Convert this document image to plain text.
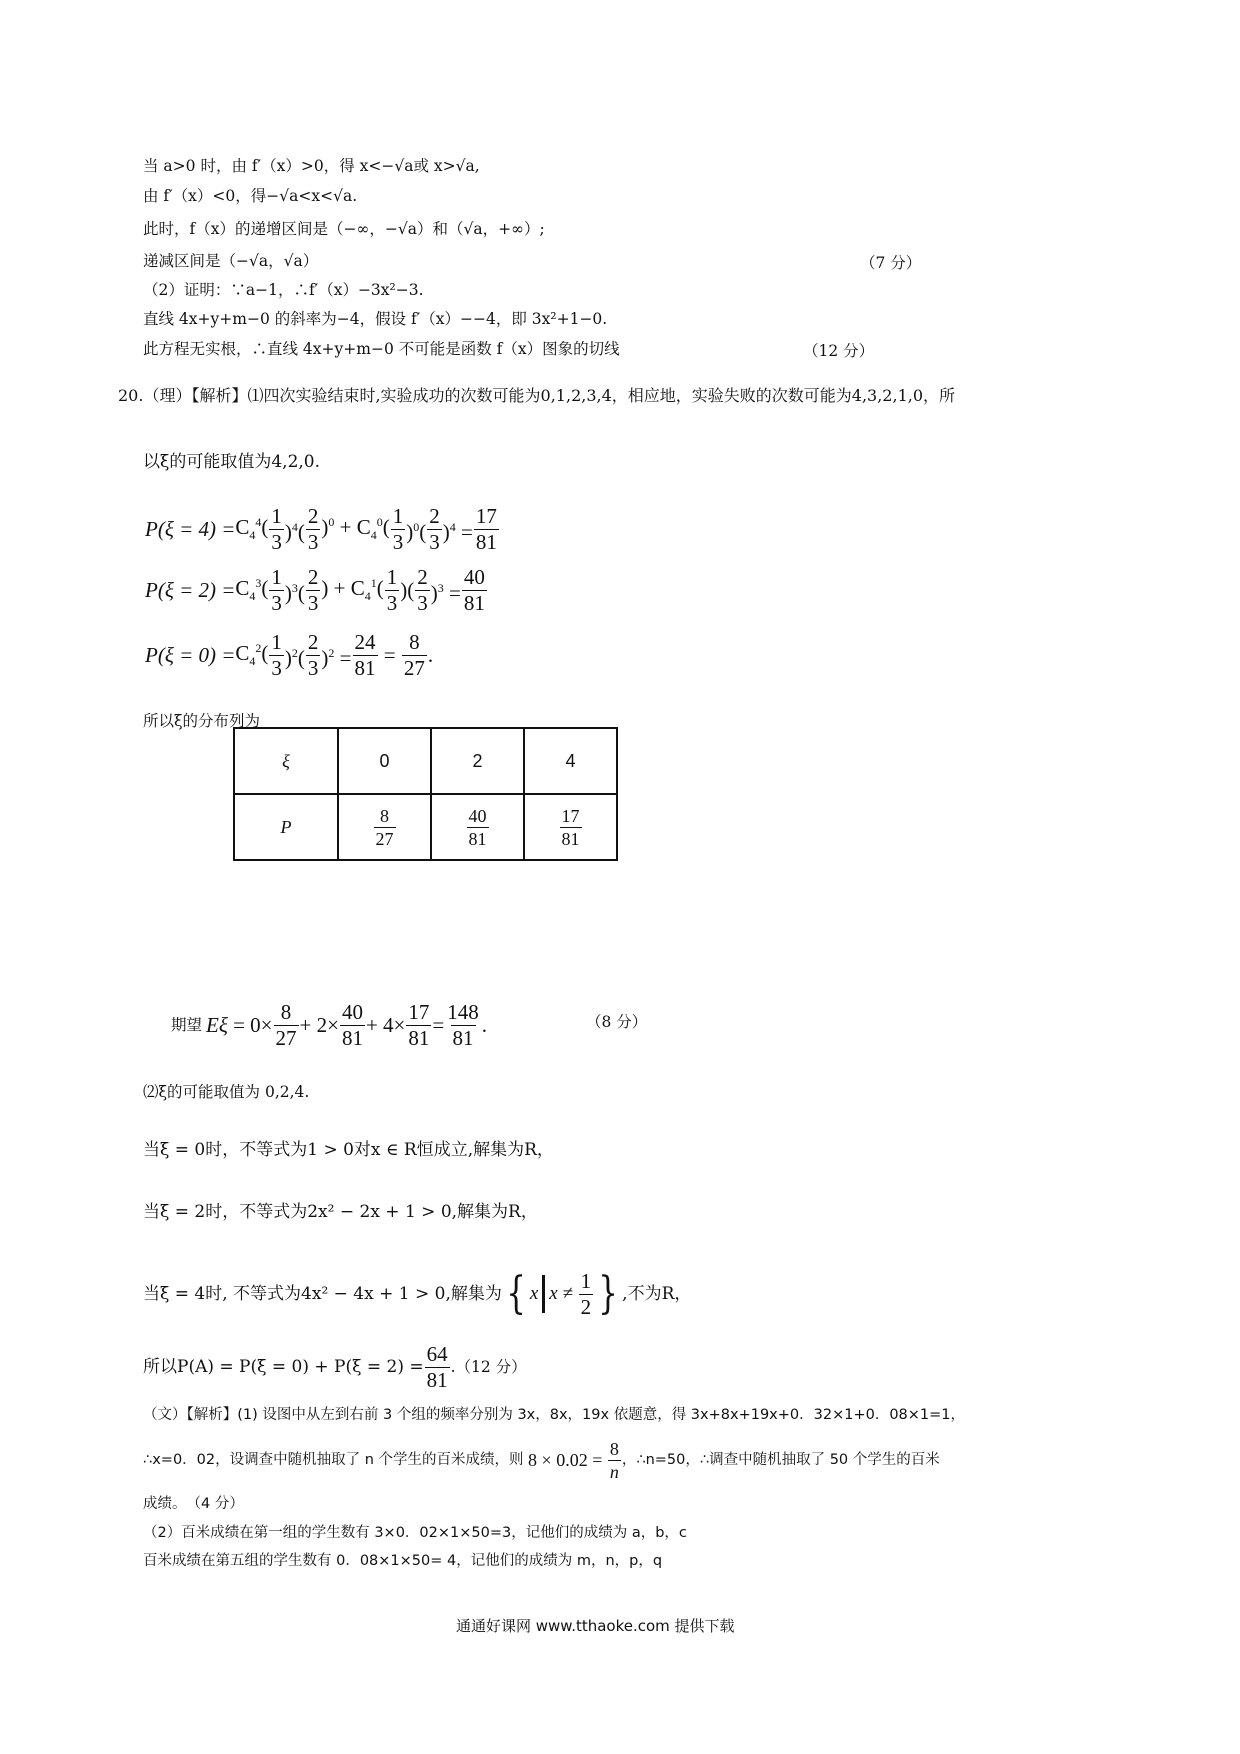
当 a>0 时，由 f′（x）>0，得 x<−√a或 x>√a,
由 f′（x）<0，得−√a<x<√a.
此时，f（x）的递增区间是（−∞，−√a）和（√a，+∞）;
递减区间是（−√a，√a）	（7 分）
（2）证明：∵a−1，∴f′（x）−3x²−3.
直线 4x+y+m−0 的斜率为−4，假设 f′（x）−−4，即 3x²+1−0.
此方程无实根，∴直线 4x+y+m−0 不可能是函数 f（x）图象的切线	（12 分）
20.（理）【解析】⑴四次实验结束时,实验成功的次数可能为0,1,2,3,4，相应地，实验失败的次数可能为4,3,2,1,0，所
以ξ的可能取值为4,2,0.
$P(\xi = 4) = C_4^4( \frac{1}{3} )^4( \frac{2}{3} )^0 + C_4^0( \frac{1}{3} )^0( \frac{2}{3} )^4 = \frac{17}{81}$
$P(\xi = 2) = C_4^3( \frac{1}{3} )^3( \frac{2}{3}$ ) + $C_4^1( \frac{1}{3}$ )( $\frac{2}{3} )^3 = \frac{40}{81}$
$P(\xi = 0) = C_4^2( \frac{1}{3} )^2( \frac{2}{3} )^2 = \frac{24}{81} = \frac{8}{27}$ .
所以ξ的分布列为
ξ	0	2	4
P	$\frac{8}{27}$	$\frac{40}{81}$	$\frac{17}{81}$
期望 $E\xi = 0\times \frac{8}{27} + 2\times \frac{40}{81} + 4\times \frac{17}{81} = \frac{148}{81}$ .	（8 分）
⑵ξ的可能取值为 0,2,4.
当ξ = 0时，不等式为1 > 0对x ∈ R恒成立,解集为R，
当ξ = 2时，不等式为2x² − 2x + 1 > 0,解集为R，
当ξ = 4时, 不等式为4x² − 4x + 1 > 0,解集为 { x $x \ne \frac{1}{2}$ } ,不为R，
所以$P(A) = P(\xi = 0) + P(\xi = 2) = \frac{64}{81} .(12$ 分）
（文）【解析】(1) 设图中从左到右前 3 个组的频率分别为 3x，8x，19x 依题意，得 3x+8x+19x+0．32×1+0．08×1=1，
∴x=0．02，设调查中随机抽取了 n 个学生的百米成绩，则 $8 \times 0.02 = \frac{8}{n}$ ，∴n=50，∴调查中随机抽取了 50 个学生的百米
成绩。　（4 分）
（2）百米成绩在第一组的学生数有 3×0．02×1×50=3，记他们的成绩为 a，b，c
百米成绩在第五组的学生数有 0．08×1×50= 4，记他们的成绩为 m，n，p，q
通通好课网 www.tthaoke.com 提供下载
